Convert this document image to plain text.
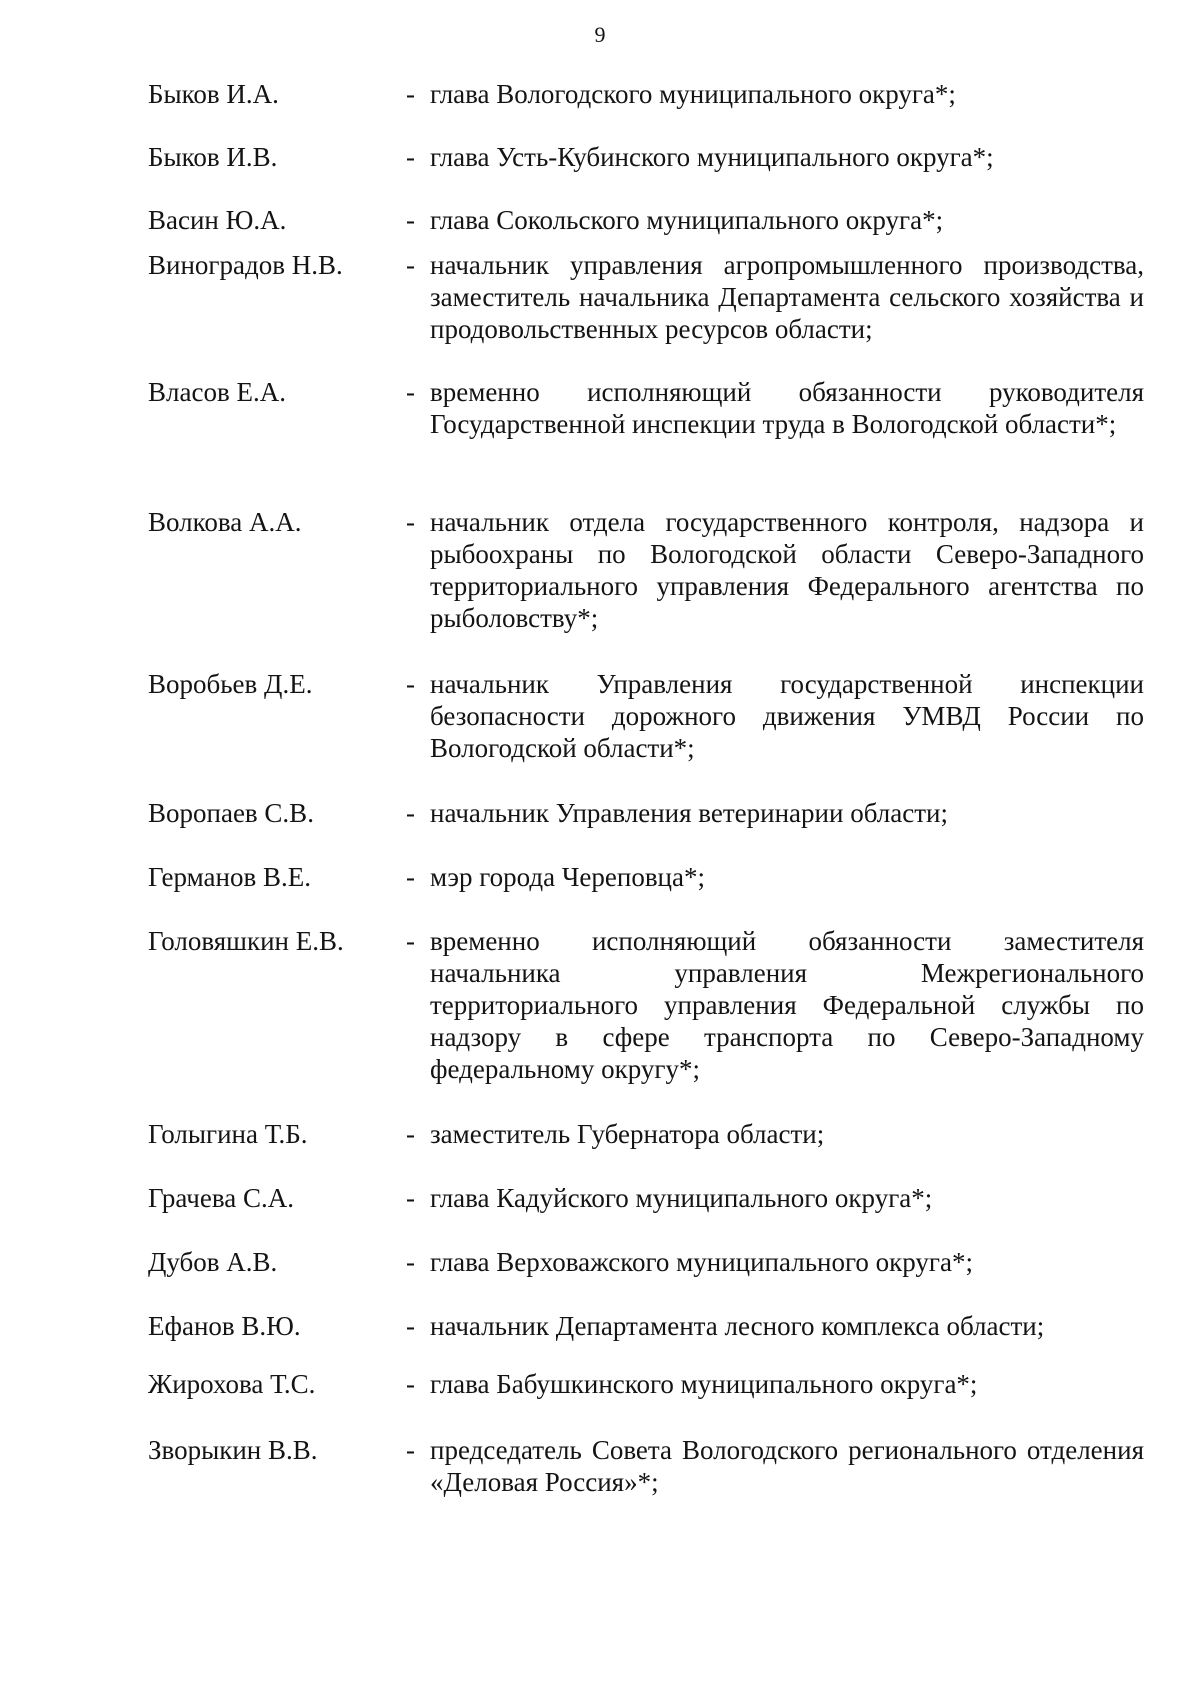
9
Быков И.А.	- глава Вологодского муниципального округа*;
Быков И.В.	- глава Усть-Кубинского муниципального округа*;
Васин Ю.А.	- глава Сокольского муниципального округа*;
Виноградов Н.В. - начальник управления агропромышленного производства, заместитель начальника Департамента сельского хозяйства и продовольственных ресурсов области;
Власов Е.А.	- временно исполняющий обязанности руководителя Государственной инспекции труда в Вологодской области*;
Волкова А.А.	- начальник отдела государственного контроля, надзора и рыбоохраны по Вологодской области Северо-Западного территориального управления Федерального агентства по рыболовству*;
Воробьев Д.Е.	- начальник Управления государственной инспекции безопасности дорожного движения УМВД России по Вологодской области*;
Воропаев С.В.	- начальник Управления ветеринарии области;
Германов В.Е.	- мэр города Череповца*;
Головяшкин Е.В. - временно исполняющий обязанности заместителя начальника управления Межрегионального территориального управления Федеральной службы по надзору в сфере транспорта по Северо-Западному федеральному округу*;
Голыгина Т.Б.	- заместитель Губернатора области;
Грачева С.А.	- глава Кадуйского муниципального округа*;
Дубов А.В.	- глава Верховажского муниципального округа*;
Ефанов В.Ю.	- начальник Департамента лесного комплекса области;
Жирохова Т.С.	- глава Бабушкинского муниципального округа*;
Зворыкин В.В.	- председатель Совета Вологодского регионального отделения «Деловая Россия»*;
